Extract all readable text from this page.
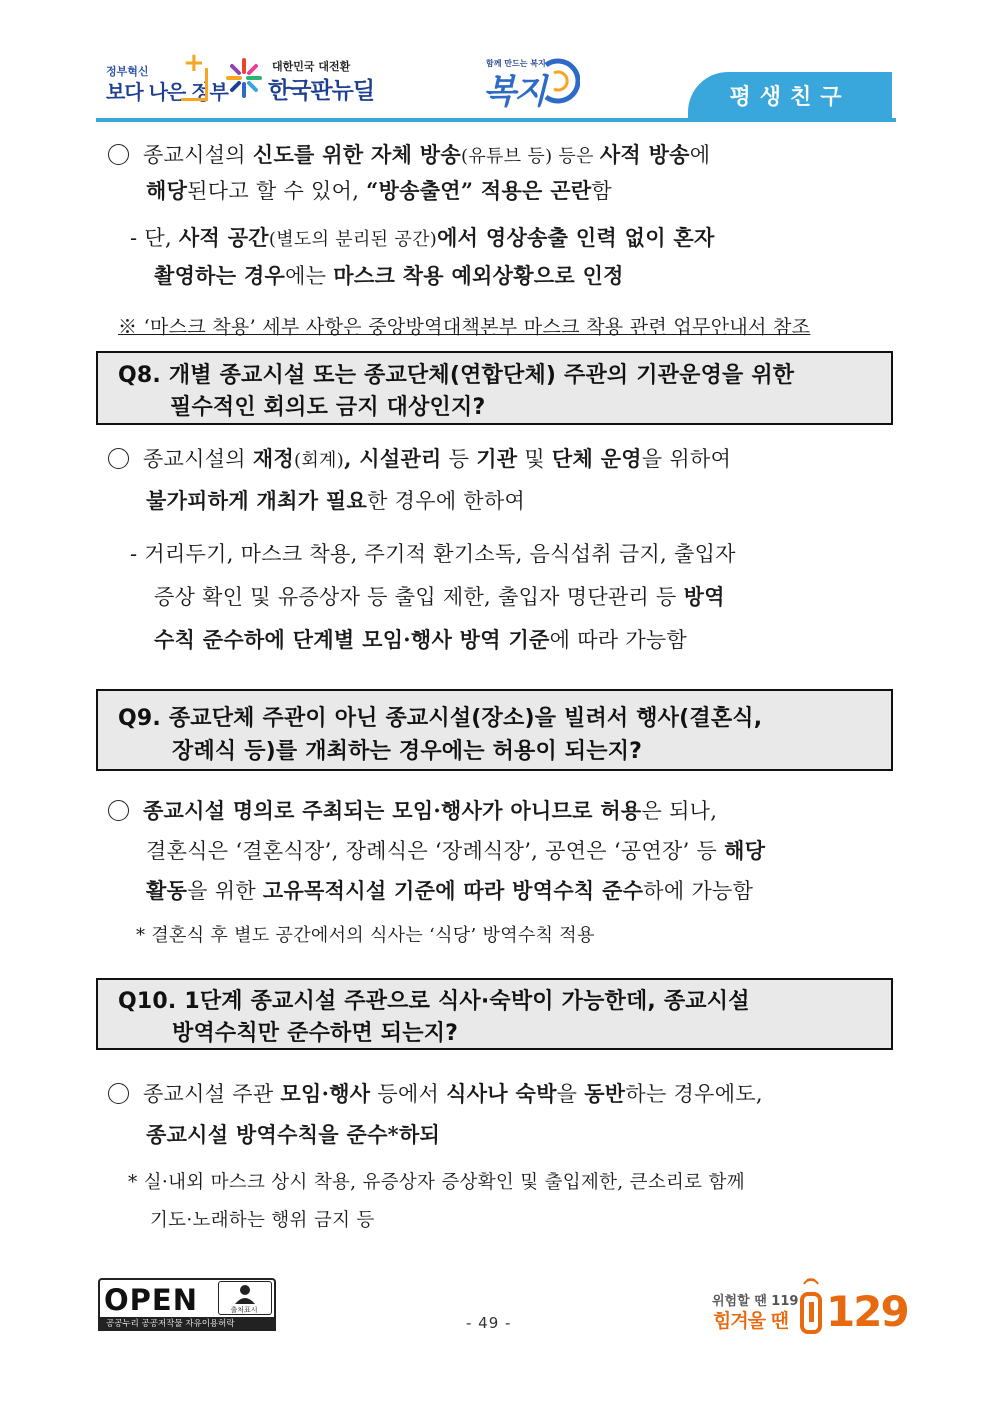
정부혁신
보다 나은 정부
+	대한민국 대전환
한국판뉴딜
함께 만드는 복지
복지	평생친구
종교시설의 신도를 위한 자체 방송(유튜브 등) 등은 사적 방송에
해당된다고 할 수 있어, “방송출연” 적용은 곤란함
- 단, 사적 공간(별도의 분리된 공간)에서 영상송출 인력 없이 혼자
촬영하는 경우에는 마스크 착용 예외상황으로 인정
※ ‘마스크 착용’ 세부 사항은 중앙방역대책본부 마스크 착용 관련 업무안내서 참조
Q8. 개별 종교시설 또는 종교단체(연합단체) 주관의 기관운영을 위한
필수적인 회의도 금지 대상인지?
종교시설의 재정(회계), 시설관리 등 기관 및 단체 운영을 위하여
불가피하게 개최가 필요한 경우에 한하여
- 거리두기, 마스크 착용, 주기적 환기소독, 음식섭취 금지, 출입자
증상 확인 및 유증상자 등 출입 제한, 출입자 명단관리 등 방역
수칙 준수하에 단계별 모임·행사 방역 기준에 따라 가능함
Q9. 종교단체 주관이 아닌 종교시설(장소)을 빌려서 행사(결혼식,
장례식 등)를 개최하는 경우에는 허용이 되는지?
종교시설 명의로 주최되는 모임·행사가 아니므로 허용은 되나,
결혼식은 ‘결혼식장’, 장례식은 ‘장례식장’, 공연은 ‘공연장’ 등 해당
활동을 위한 고유목적시설 기준에 따라 방역수칙 준수하에 가능함
* 결혼식 후 별도 공간에서의 식사는 ‘식당’ 방역수칙 적용
Q10. 1단계 종교시설 주관으로 식사·숙박이 가능한데, 종교시설
방역수칙만 준수하면 되는지?
종교시설 주관 모임·행사 등에서 식사나 숙박을 동반하는 경우에도,
종교시설 방역수칙을 준수*하되
* 실·내외 마스크 상시 착용, 유증상자 증상확인 및 출입제한, 큰소리로 함께
기도·노래하는 행위 금지 등
OPEN	출처표시
공공누리 공공저작물 자유이용허락	- 49 -
위험할 땐 119
힘겨울 땐 129
